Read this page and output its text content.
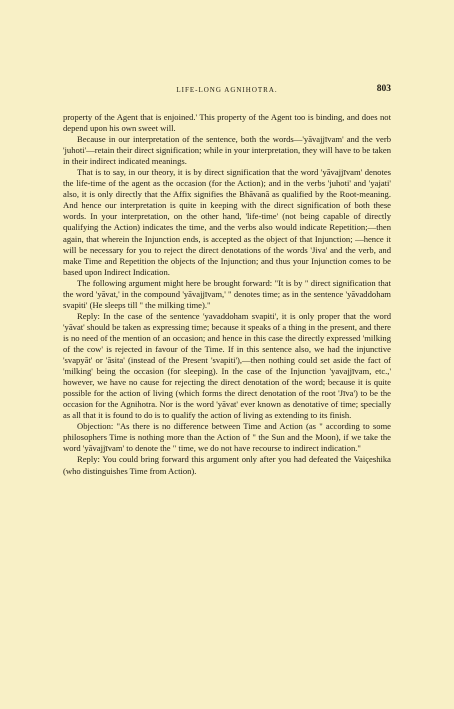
LIFE-LONG AGNIHOTRA.	803

property of the Agent that is enjoined.' This property of the Agent too is binding, and does not depend upon his own sweet will.

Because in our interpretation of the sentence, both the words—'yāvajjīvam' and the verb 'juhoti'—retain their direct signification; while in your interpretation, they will have to be taken in their indirect indicated meanings.

That is to say, in our theory, it is by direct signification that the word 'yāvajjīvam' denotes the life-time of the agent as the occasion (for the Action); and in the verbs 'juhoti' and 'yajati' also, it is only directly that the Affix signifies the Bhāvanā as qualified by the Root-meaning. And hence our interpretation is quite in keeping with the direct signification of both these words. In your interpretation, on the other hand, 'life-time' (not being capable of directly qualifying the Action) indicates the time, and the verbs also would indicate Repetition;—then again, that wherein the Injunction ends, is accepted as the object of that Injunction; —hence it will be necessary for you to reject the direct denotations of the words 'Jiva' and the verb, and make Time and Repetition the objects of the Injunction; and thus your Injunction comes to be based upon Indirect Indication.

The following argument might here be brought forward: "It is by " direct signification that the word 'yāvat,' in the compound 'yāvajjīvam,' " denotes time; as in the sentence 'yāvaddoham svapiti' (He sleeps till " the milking time)."

Reply: In the case of the sentence 'yavaddoham svapiti', it is only proper that the word 'yāvat' should be taken as expressing time; because it speaks of a thing in the present, and there is no need of the mention of an occasion; and hence in this case the directly expressed 'milking of the cow' is rejected in favour of the Time. If in this sentence also, we had the injunctive 'svapyāt' or 'āsita' (instead of the Present 'svapiti'),—then nothing could set aside the fact of 'milking' being the occasion (for sleeping). In the case of the Injunction 'yavajjīvam, etc.,' however, we have no cause for rejecting the direct denotation of the word; because it is quite possible for the action of living (which forms the direct denotation of the root 'Jīva') to be the occasion for the Agnihotra. Nor is the word 'yāvat' ever known as denotative of time; specially as all that it is found to do is to qualify the action of living as extending to its finish.

Objection: "As there is no difference between Time and Action (as " according to some philosophers Time is nothing more than the Action of " the Sun and the Moon), if we take the word 'yāvajjīvam' to denote the " time, we do not have recourse to indirect indication."

Reply: You could bring forward this argument only after you had defeated the Vaiçeshika (who distinguishes Time from Action).
